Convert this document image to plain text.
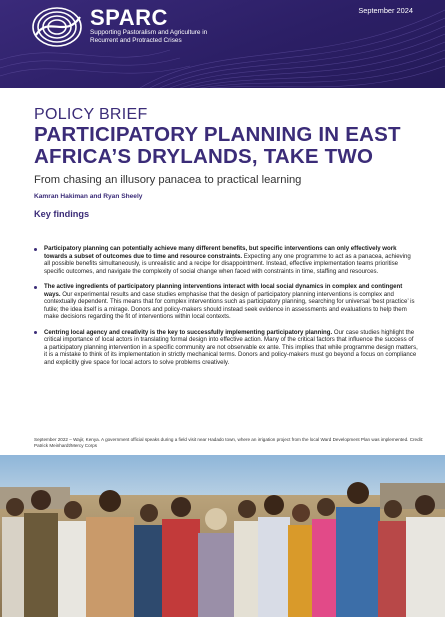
SPARC
Supporting Pastoralism and Agriculture in Recurrent and Protracted Crises
September 2024
POLICY BRIEF
PARTICIPATORY PLANNING IN EAST AFRICA’S DRYLANDS, TAKE TWO
From chasing an illusory panacea to practical learning
Kamran Hakiman and Ryan Sheely
Key findings
Participatory planning can potentially achieve many different benefits, but specific interventions can only effectively work towards a subset of outcomes due to time and resource constraints. Expecting any one programme to act as a panacea, achieving all possible benefits simultaneously, is unrealistic and a recipe for disappointment. Instead, effective implementation teams prioritise specific outcomes, and navigate the complexity of social change when faced with constraints in time, staffing and resources.
The active ingredients of participatory planning interventions interact with local social dynamics in complex and contingent ways. Our experimental results and case studies emphasise that the design of participatory planning interventions is complex and contextually dependent. This means that for complex interventions such as participatory planning, searching for universal ‘best practice’ is futile; the idea itself is a mirage. Donors and policy-makers should instead seek evidence in assessments and evaluations to help them make decisions regarding the fit of interventions within local contexts.
Centring local agency and creativity is the key to successfully implementing participatory planning. Our case studies highlight the critical importance of local actors in translating formal design into effective action. Many of the critical factors that influence the success of a participatory planning intervention in a specific community are not observable ex ante. This implies that while programme design matters, it is a mistake to think of its implementation in strictly mechanical terms. Donors and policy-makers must go beyond a focus on compliance and explicitly give space for local actors to solve problems creatively.
September 2022 – Wajir, Kenya. A government official speaks during a field visit near Hadado town, where an irrigation project from the local Ward Development Plan was implemented. Credit: Patrick Meinhardt/Mercy Corps
